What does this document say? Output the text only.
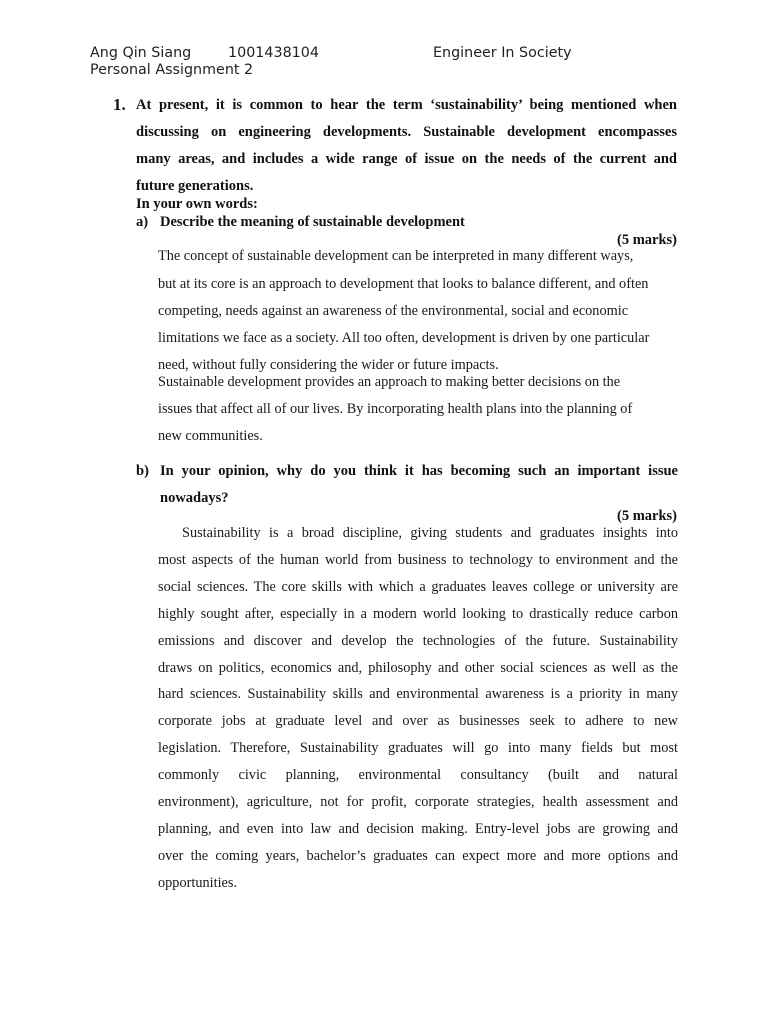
Ang Qin Siang	1001438104	Engineer In Society
Personal Assignment 2
1. At present, it is common to hear the term ‘sustainability’ being mentioned when
discussing on engineering developments. Sustainable development encompasses
many areas, and includes a wide range of issue on the needs of the current and
future generations.
In your own words:
a) Describe the meaning of sustainable development
(5 marks)
The concept of sustainable development can be interpreted in many different ways,
but at its core is an approach to development that looks to balance different, and often
competing, needs against an awareness of the environmental, social and economic
limitations we face as a society. All too often, development is driven by one particular
need, without fully considering the wider or future impacts.
Sustainable development provides an approach to making better decisions on the
issues that affect all of our lives. By incorporating health plans into the planning of
new communities.
b) In your opinion, why do you think it has becoming such an important issue
nowadays?
(5 marks)
Sustainability is a broad discipline, giving students and graduates insights into
most aspects of the human world from business to technology to environment and the
social sciences. The core skills with which a graduates leaves college or university are
highly sought after, especially in a modern world looking to drastically reduce carbon
emissions and discover and develop the technologies of the future. Sustainability
draws on politics, economics and, philosophy and other social sciences as well as the
hard sciences. Sustainability skills and environmental awareness is a priority in many
corporate jobs at graduate level and over as businesses seek to adhere to new
legislation. Therefore, Sustainability graduates will go into many fields but most
commonly civic planning, environmental consultancy (built and natural
environment), agriculture, not for profit, corporate strategies, health assessment and
planning, and even into law and decision making. Entry-level jobs are growing and
over the coming years, bachelor’s graduates can expect more and more options and
opportunities.
